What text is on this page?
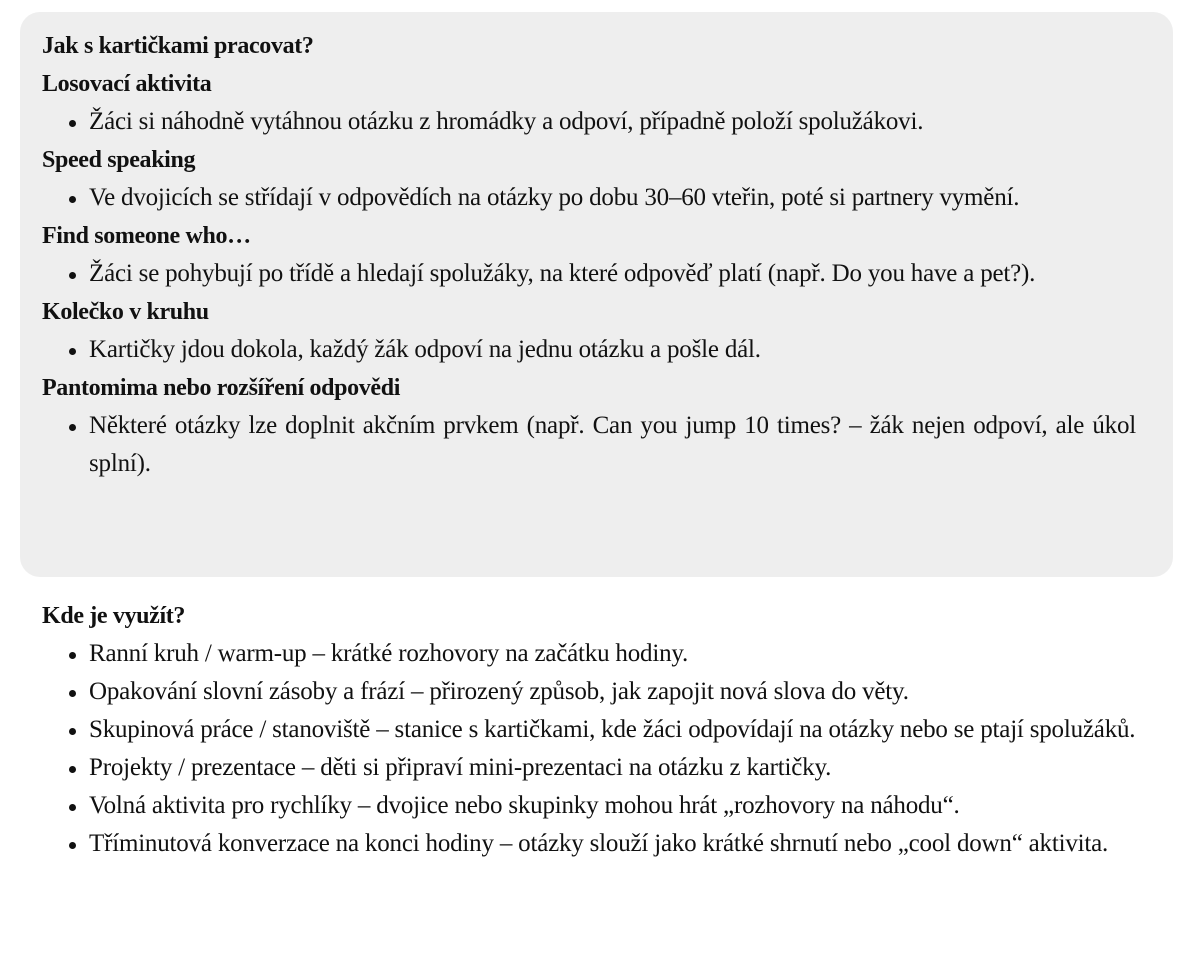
Jak s kartičkami pracovat?
Losovací aktivita
Žáci si náhodně vytáhnou otázku z hromádky a odpoví, případně položí spolužákovi.
Speed speaking
Ve dvojicích se střídají v odpovědích na otázky po dobu 30–60 vteřin, poté si partnery vymění.
Find someone who…
Žáci se pohybují po třídě a hledají spolužáky, na které odpověď platí (např. Do you have a pet?).
Kolečko v kruhu
Kartičky jdou dokola, každý žák odpoví na jednu otázku a pošle dál.
Pantomima nebo rozšíření odpovědi
Některé otázky lze doplnit akčním prvkem (např. Can you jump 10 times? – žák nejen odpoví, ale úkol splní).
Kde je využít?
Ranní kruh / warm-up – krátké rozhovory na začátku hodiny.
Opakování slovní zásoby a frází – přirozený způsob, jak zapojit nová slova do věty.
Skupinová práce / stanoviště – stanice s kartičkami, kde žáci odpovídají na otázky nebo se ptají spolužáků.
Projekty / prezentace – děti si připraví mini-prezentaci na otázku z kartičky.
Volná aktivita pro rychlíky – dvojice nebo skupinky mohou hrát „rozhovory na náhodu“.
Tříminutová konverzace na konci hodiny – otázky slouží jako krátké shrnutí nebo „cool down“ aktivita.
